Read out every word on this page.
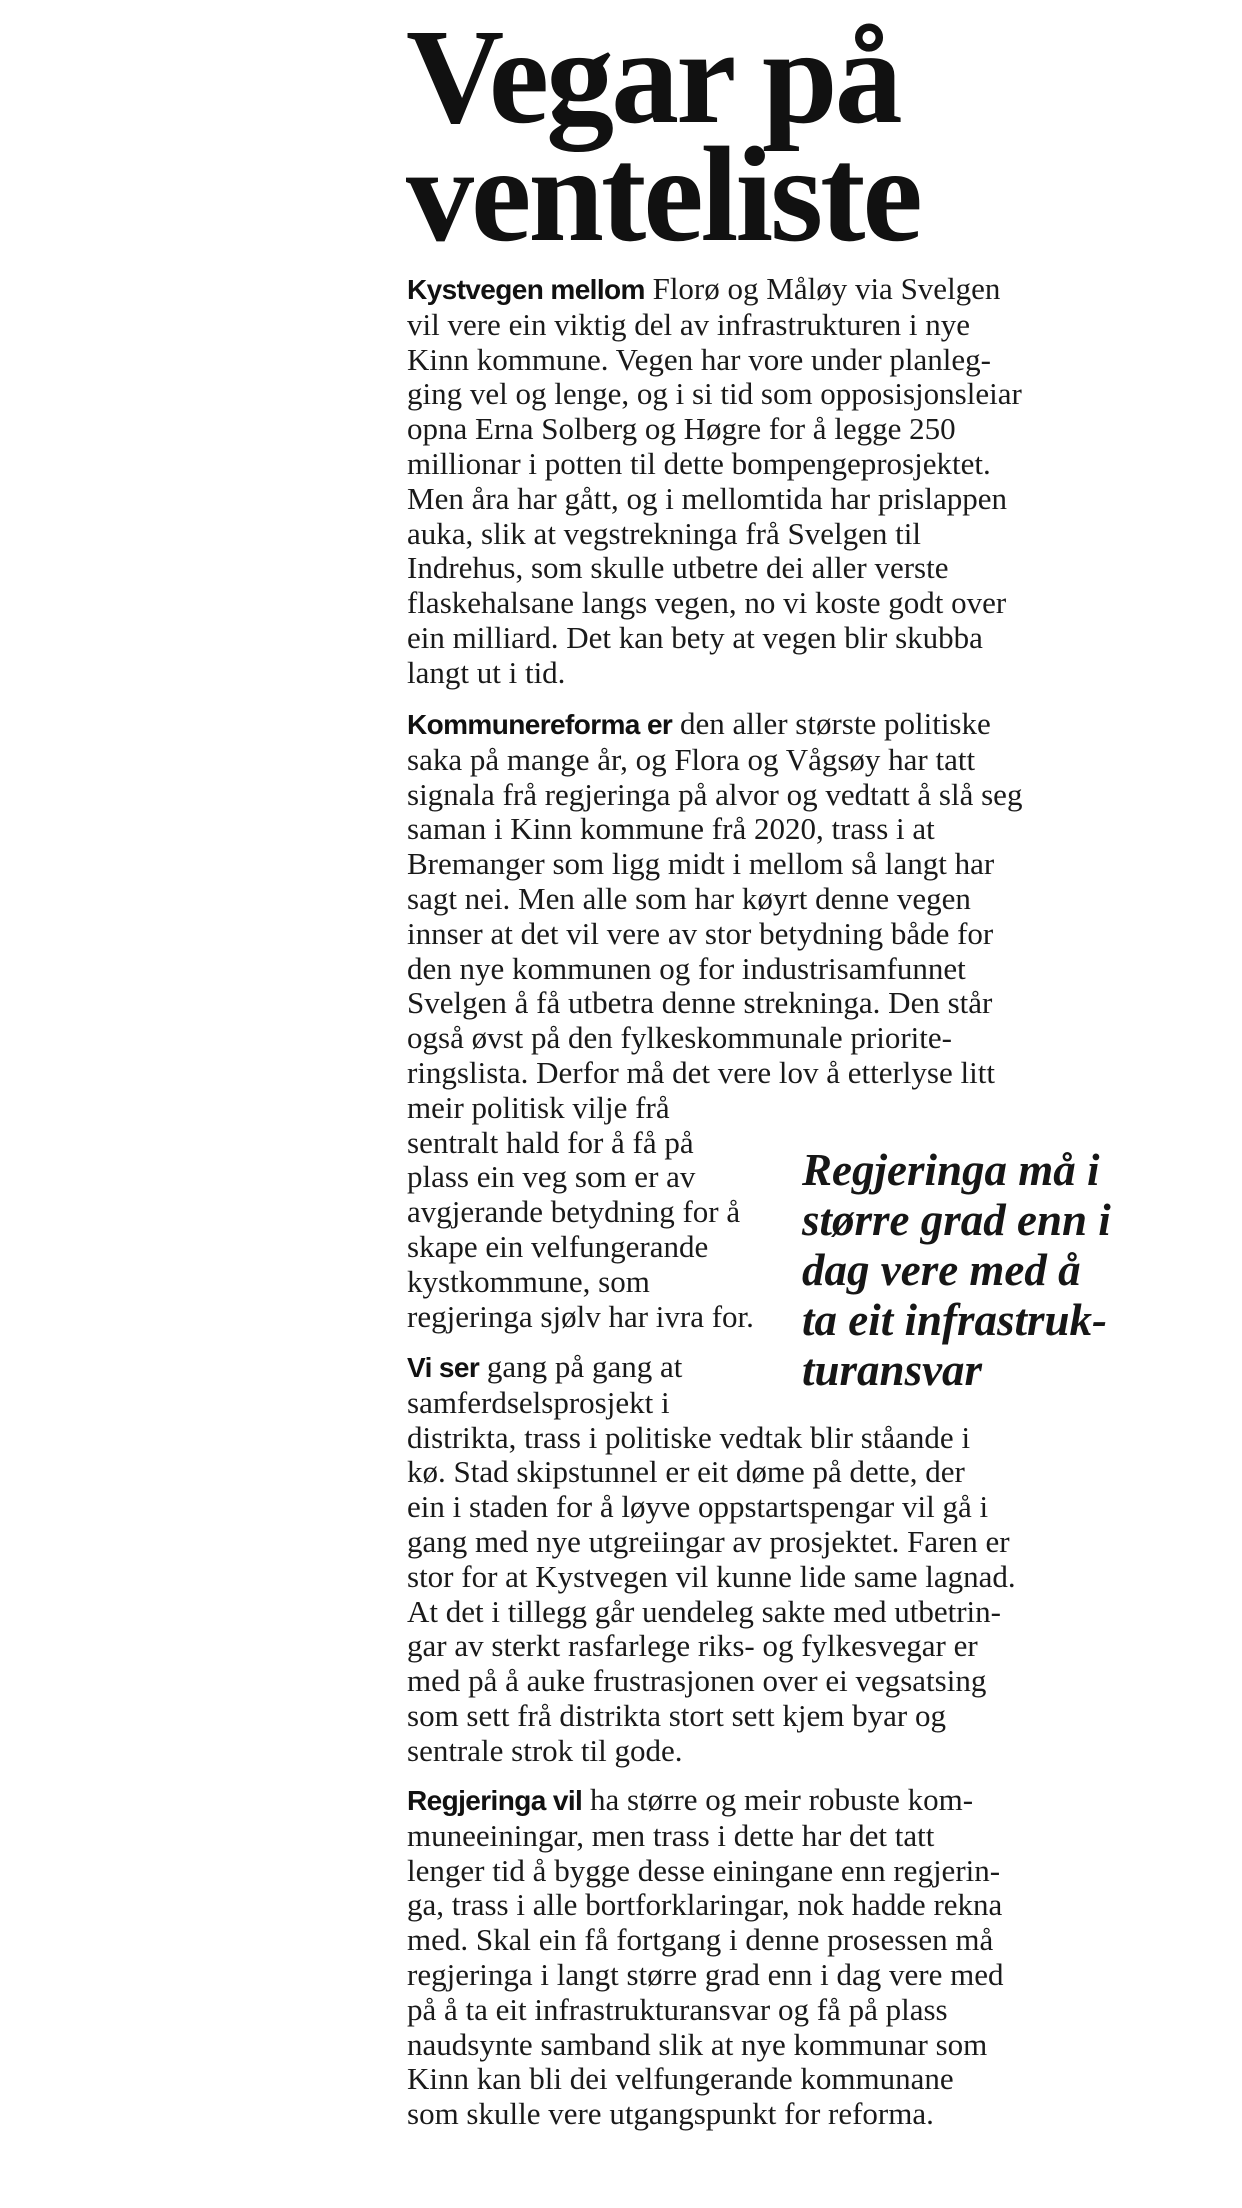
Vegar på
venteliste
Kystvegen mellom Florø og Måløy via Svelgen
vil vere ein viktig del av infrastrukturen i nye
Kinn kommune. Vegen har vore under planleg-
ging vel og lenge, og i si tid som opposisjonsleiar
opna Erna Solberg og Høgre for å legge 250
millionar i potten til dette bompengeprosjektet.
Men åra har gått, og i mellomtida har prislappen
auka, slik at vegstrekninga frå Svelgen til
Indrehus, som skulle utbetre dei aller verste
flaskehalsane langs vegen, no vi koste godt over
ein milliard. Det kan bety at vegen blir skubba
langt ut i tid.
Kommunereforma er den aller største politiske
saka på mange år, og Flora og Vågsøy har tatt
signala frå regjeringa på alvor og vedtatt å slå seg
saman i Kinn kommune frå 2020, trass i at
Bremanger som ligg midt i mellom så langt har
sagt nei. Men alle som har køyrt denne vegen
innser at det vil vere av stor betydning både for
den nye kommunen og for industrisamfunnet
Svelgen å få utbetra denne strekninga. Den står
også øvst på den fylkeskommunale priorite-
ringslista. Derfor må det vere lov å etterlyse litt
meir politisk vilje frå
sentralt hald for å få på
plass ein veg som er av
avgjerande betydning for å
skape ein velfungerande
kystkommune, som
regjeringa sjølv har ivra for.
Vi ser gang på gang at
samferdselsprosjekt i
distrikta, trass i politiske vedtak blir ståande i
kø. Stad skipstunnel er eit døme på dette, der
ein i staden for å løyve oppstartspengar vil gå i
gang med nye utgreiingar av prosjektet. Faren er
stor for at Kystvegen vil kunne lide same lagnad.
At det i tillegg går uendeleg sakte med utbetrin-
gar av sterkt rasfarlege riks- og fylkesvegar er
med på å auke frustrasjonen over ei vegsatsing
som sett frå distrikta stort sett kjem byar og
sentrale strok til gode.
Regjeringa vil ha større og meir robuste kom-
muneeiningar, men trass i dette har det tatt
lenger tid å bygge desse einingane enn regjerin-
ga, trass i alle bortforklaringar, nok hadde rekna
med. Skal ein få fortgang i denne prosessen må
regjeringa i langt større grad enn i dag vere med
på å ta eit infrastrukturansvar og få på plass
naudsynte samband slik at nye kommunar som
Kinn kan bli dei velfungerande kommunane
som skulle vere utgangspunkt for reforma.
Regjeringa må i
større grad enn i
dag vere med å
ta eit infrastruk-
turansvar
